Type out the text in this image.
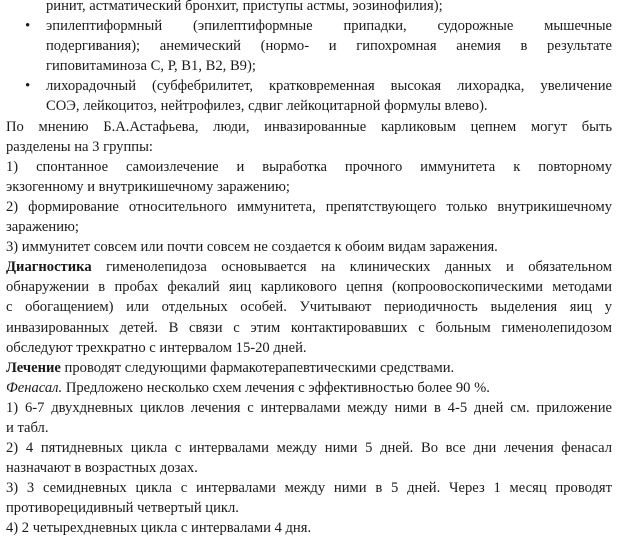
ринит, астматический бронхит, приступы астмы, эозинофилия);
•	эпилептиформный (эпилептиформные припадки, судорожные мышечные
подергивания); анемический (нормо- и гипохромная анемия в результате
гиповитаминоза С, Р, В1, В2, В9);
•	лихорадочный (субфебрилитет, кратковременная высокая лихорадка, увеличение
СОЭ, лейкоцитоз, нейтрофилез, сдвиг лейкоцитарной формулы влево).
По мнению Б.А.Астафьева, люди, инвазированные карликовым цепнем могут быть
разделены на 3 группы:
1) спонтанное самоизлечение и выработка прочного иммунитета к повторному
экзогенному и внутрикишечному заражению;
2) формирование относительного иммунитета, препятствующего только внутрикишечному
заражению;
3) иммунитет совсем или почти совсем не создается к обоим видам заражения.
Диагностика гименолепидоза основывается на клинических данных и обязательном
обнаружении в пробах фекалий яиц карликового цепня (копроовоскопическими методами
с обогащением) или отдельных особей. Учитывают периодичность выделения яиц у
инвазированных детей. В связи с этим контактировавших с больным гименолепидозом
обследуют трехкратно с интервалом 15-20 дней.
Лечение проводят следующими фармакотерапевтическими средствами.
Фенасал. Предложено несколько схем лечения с эффективностью более 90 %.
1) 6-7 двухдневных циклов лечения с интервалами между ними в 4-5 дней см. приложение
и табл.
2) 4 пятидневных цикла с интервалами между ними 5 дней. Во все дни лечения фенасал
назначают в возрастных дозах.
3) 3 семидневных цикла с интервалами между ними в 5 дней. Через 1 месяц проводят
противорецидивный четвертый цикл.
4) 2 четырехдневных цикла с интервалами 4 дня.
